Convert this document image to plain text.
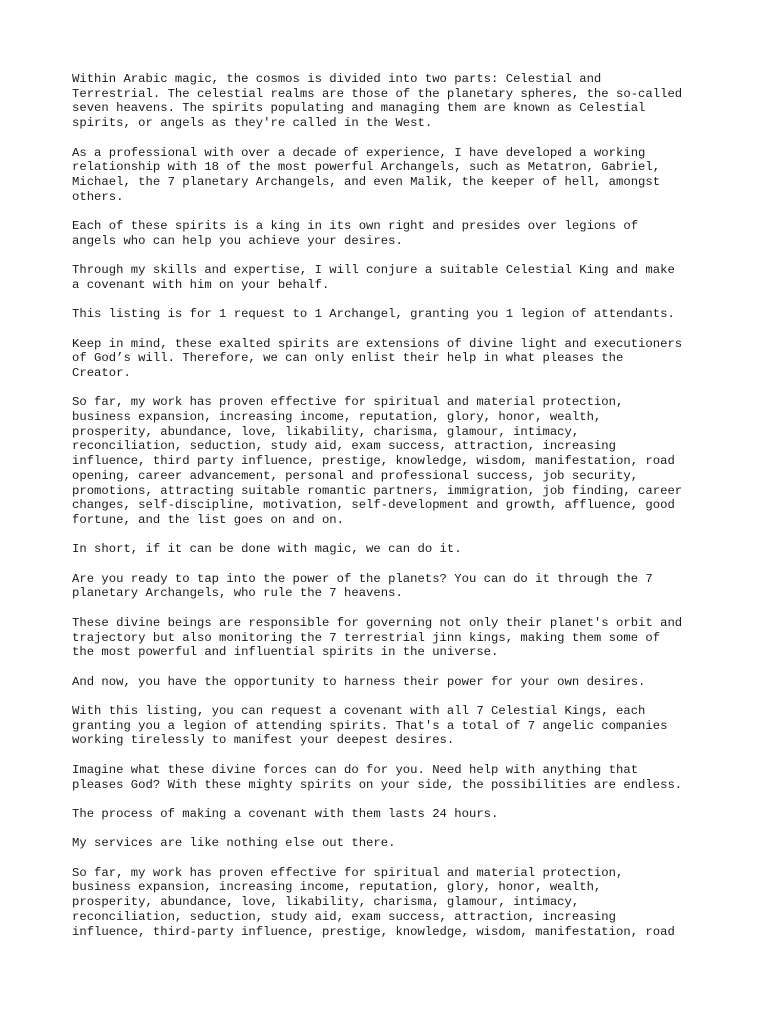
Within Arabic magic, the cosmos is divided into two parts: Celestial and
Terrestrial. The celestial realms are those of the planetary spheres, the so-called
seven heavens. The spirits populating and managing them are known as Celestial
spirits, or angels as they're called in the West.

As a professional with over a decade of experience, I have developed a working
relationship with 18 of the most powerful Archangels, such as Metatron, Gabriel,
Michael, the 7 planetary Archangels, and even Malik, the keeper of hell, amongst
others.

Each of these spirits is a king in its own right and presides over legions of
angels who can help you achieve your desires.

Through my skills and expertise, I will conjure a suitable Celestial King and make
a covenant with him on your behalf.

This listing is for 1 request to 1 Archangel, granting you 1 legion of attendants.

Keep in mind, these exalted spirits are extensions of divine light and executioners
of God’s will. Therefore, we can only enlist their help in what pleases the
Creator.

So far, my work has proven effective for spiritual and material protection,
business expansion, increasing income, reputation, glory, honor, wealth,
prosperity, abundance, love, likability, charisma, glamour, intimacy,
reconciliation, seduction, study aid, exam success, attraction, increasing
influence, third party influence, prestige, knowledge, wisdom, manifestation, road
opening, career advancement, personal and professional success, job security,
promotions, attracting suitable romantic partners, immigration, job finding, career
changes, self-discipline, motivation, self-development and growth, affluence, good
fortune, and the list goes on and on.

In short, if it can be done with magic, we can do it.

Are you ready to tap into the power of the planets? You can do it through the 7
planetary Archangels, who rule the 7 heavens.

These divine beings are responsible for governing not only their planet's orbit and
trajectory but also monitoring the 7 terrestrial jinn kings, making them some of
the most powerful and influential spirits in the universe.

And now, you have the opportunity to harness their power for your own desires.

With this listing, you can request a covenant with all 7 Celestial Kings, each
granting you a legion of attending spirits. That's a total of 7 angelic companies
working tirelessly to manifest your deepest desires.

Imagine what these divine forces can do for you. Need help with anything that
pleases God? With these mighty spirits on your side, the possibilities are endless.

The process of making a covenant with them lasts 24 hours.

My services are like nothing else out there.

So far, my work has proven effective for spiritual and material protection,
business expansion, increasing income, reputation, glory, honor, wealth,
prosperity, abundance, love, likability, charisma, glamour, intimacy,
reconciliation, seduction, study aid, exam success, attraction, increasing
influence, third-party influence, prestige, knowledge, wisdom, manifestation, road
